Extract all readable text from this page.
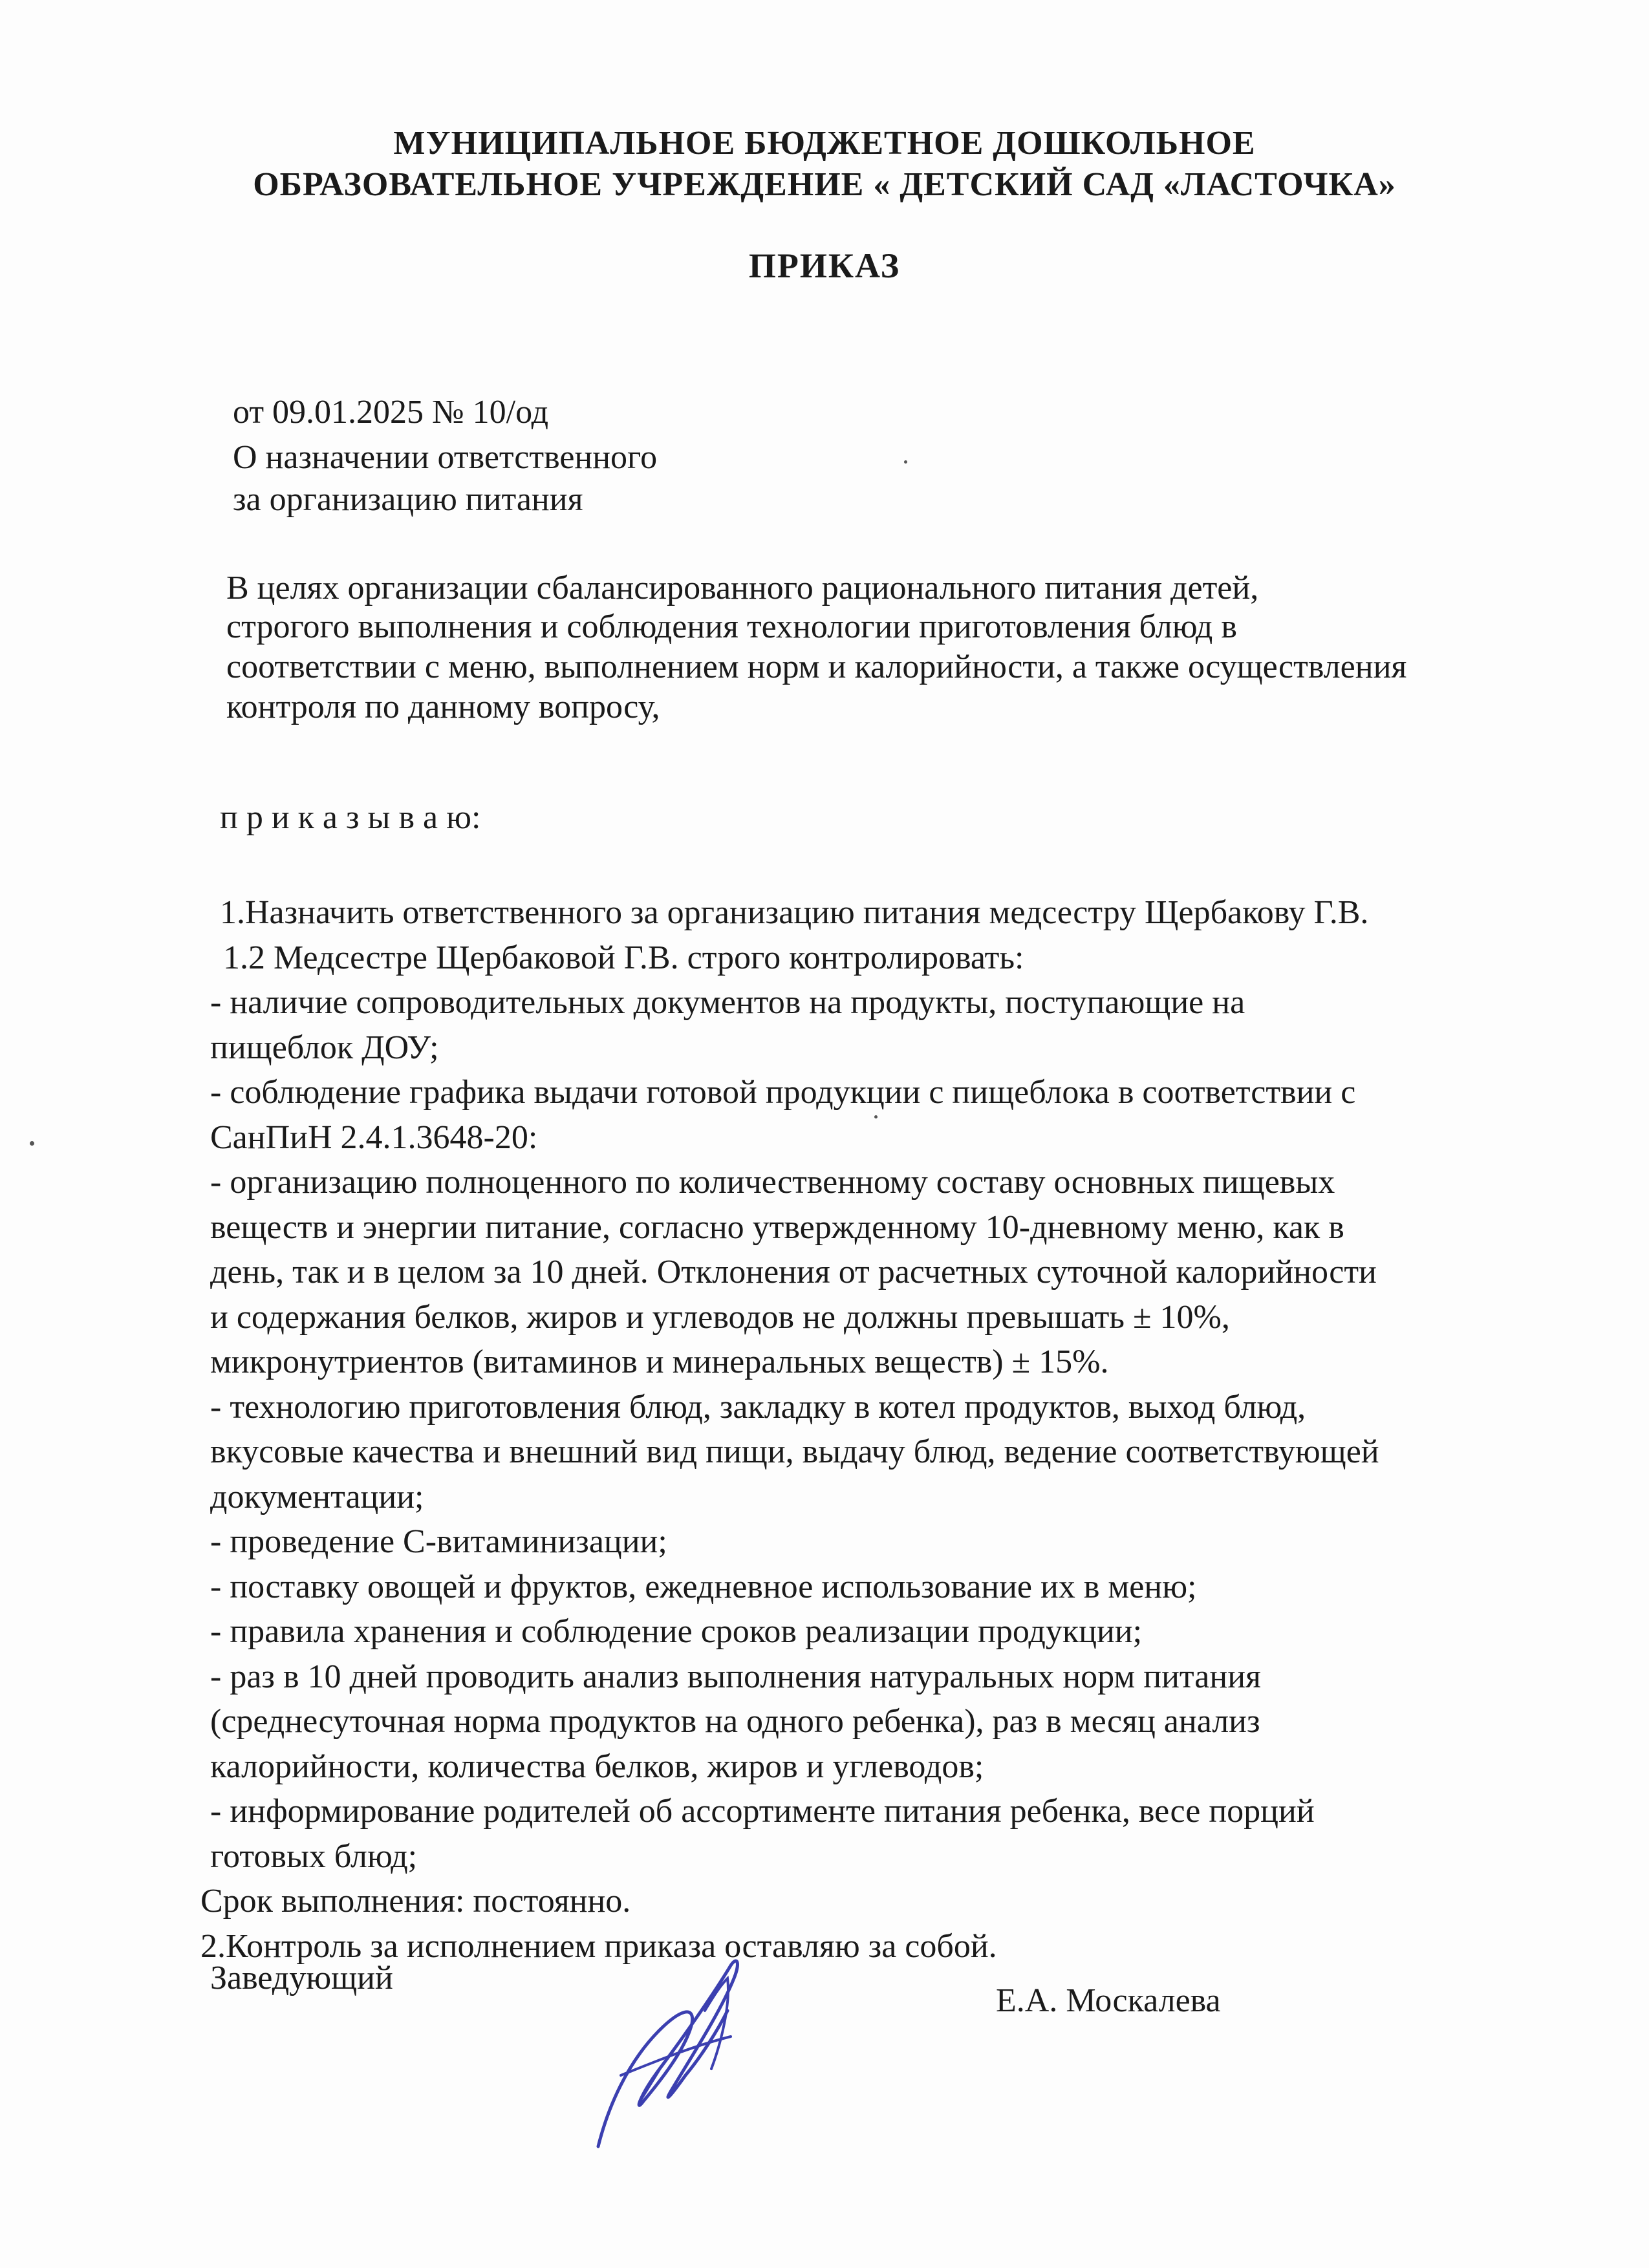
МУНИЦИПАЛЬНОЕ БЮДЖЕТНОЕ ДОШКОЛЬНОЕ
ОБРАЗОВАТЕЛЬНОЕ УЧРЕЖДЕНИЕ « ДЕТСКИЙ САД «ЛАСТОЧКА»
ПРИКАЗ
от 09.01.2025 № 10/од
О назначении ответственного
за организацию питания
В целях организации сбалансированного рационального питания детей,
строгого выполнения и соблюдения технологии приготовления блюд в
соответствии с меню, выполнением норм и калорийности, а также осуществления
контроля по данному вопросу,
п р и к а з ы в а ю:
1.Назначить ответственного за организацию питания медсестру Щербакову Г.В.
1.2 Медсестре Щербаковой Г.В. строго контролировать:
- наличие сопроводительных документов на продукты, поступающие на
пищеблок ДОУ;
- соблюдение графика выдачи готовой продукции с пищеблока в соответствии с
СанПиН 2.4.1.3648-20:
- организацию полноценного по количественному составу основных пищевых
веществ и энергии питание, согласно утвержденному 10-дневному меню, как в
день, так и в целом за 10 дней. Отклонения от расчетных суточной калорийности
и содержания белков, жиров и углеводов не должны превышать ± 10%,
микронутриентов (витаминов и минеральных веществ) ± 15%.
- технологию приготовления блюд, закладку в котел продуктов, выход блюд,
вкусовые качества и внешний вид пищи, выдачу блюд, ведение соответствующей
документации;
- проведение С-витаминизации;
- поставку овощей и фруктов, ежедневное использование их в меню;
- правила хранения и соблюдение сроков реализации продукции;
- раз в 10 дней проводить анализ выполнения натуральных норм питания
(среднесуточная норма продуктов на одного ребенка), раз в месяц анализ
калорийности, количества белков, жиров и углеводов;
- информирование родителей об ассортименте питания ребенка, весе порций
готовых блюд;
Срок выполнения: постоянно.
2.Контроль за исполнением приказа оставляю за собой.
Заведующий
Е.А. Москалева
